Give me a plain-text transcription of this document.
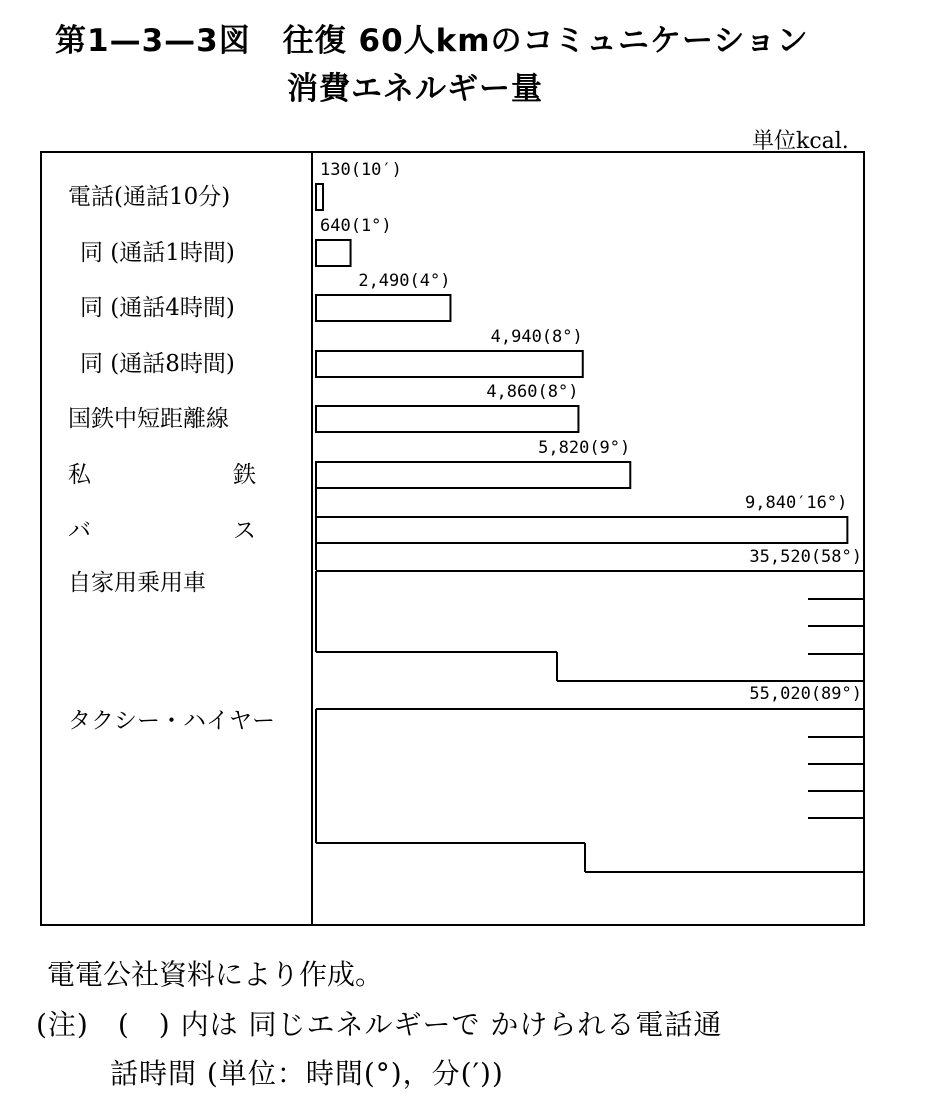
第1—3—3図　往復 60人kmのコミュニケーション
消費エネルギー量
単位kcal.
電話(通話10分)
同 (通話1時間)
同 (通話4時間)
同 (通話8時間)
国鉄中短距離線
私	鉄
バ	ス
自家用乗用車
タクシー・ハイヤー
130(10′)
640(1°)
2,490(4°)
4,940(8°)
4,860(8°)
5,820(9°)
9,840′16°)
35,520(58°)
55,020(89°)
電電公社資料により作成。
(注)　(　) 内は 同じエネルギーで かけられる電話通
話時間 (単位：時間(°)，分(′))
